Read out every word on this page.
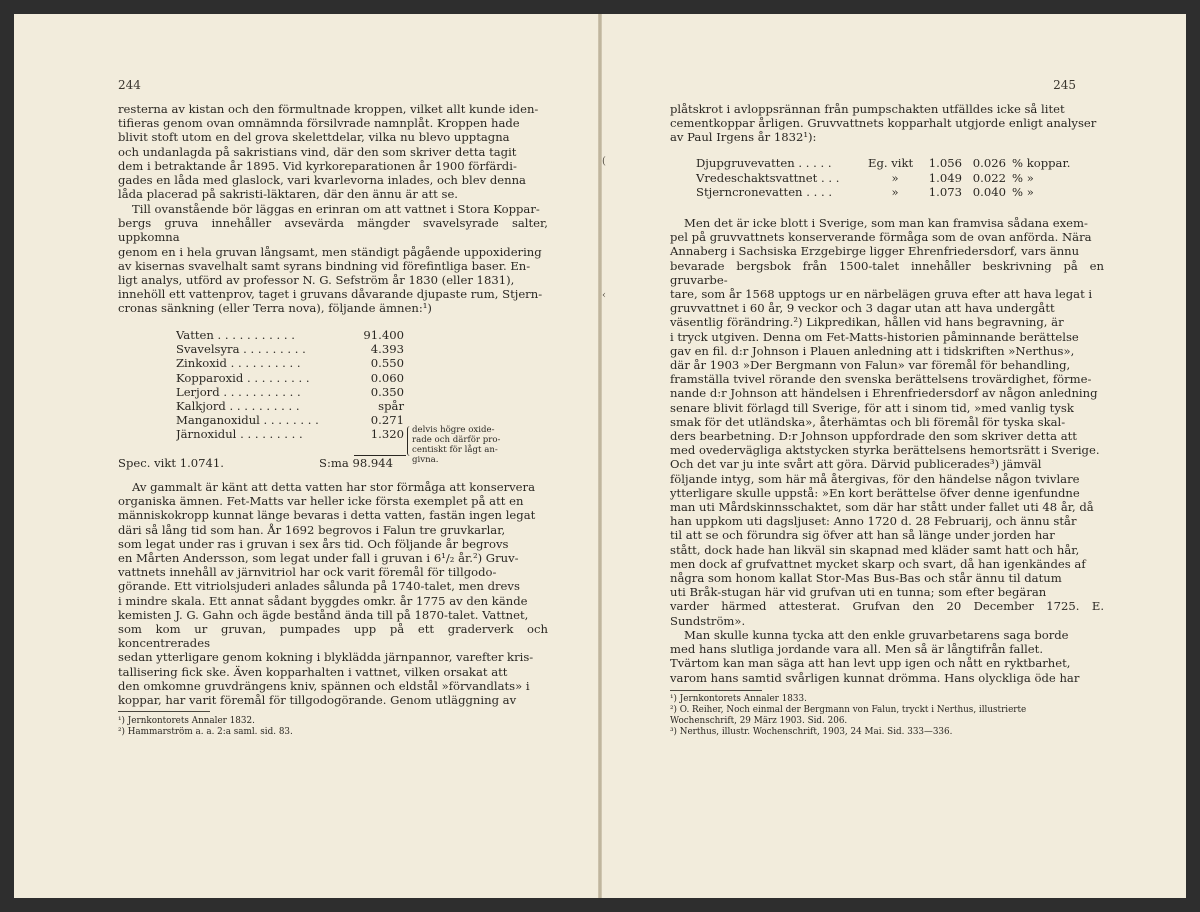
244

resterna av kistan och den förmultnade kroppen, vilket allt kunde iden-

tifieras genom ovan omnämnda försilvrade namnplåt. Kroppen hade

blivit stoft utom en del grova skelettdelar, vilka nu blevo upptagna

och undanlagda på sakristians vind, där den som skriver detta tagit

dem i betraktande år 1895. Vid kyrkoreparationen år 1900 förfärdi-

gades en låda med glaslock, vari kvarlevorna inlades, och blev denna

låda placerad på sakristi-läktaren, där den ännu är att se.

Till ovanstående bör läggas en erinran om att vattnet i Stora Koppar-

bergs gruva innehåller avsevärda mängder svavelsyrade salter, uppkomna

genom en i hela gruvan långsamt, men ständigt pågående uppoxidering

av kisernas svavelhalt samt syrans bindning vid förefintliga baser. En-

ligt analys, utförd av professor N. G. Sefström år 1830 (eller 1831),

innehöll ett vattenprov, taget i gruvans dåvarande djupaste rum, Stjern-

cronas sänkning (eller Terra nova), följande ämnen:¹)

Vatten . . . . . . . . . . .	91.400
Svavelsyra . . . . . . . . .	4.393
Zinkoxid . . . . . . . . . .	0.550
Kopparoxid . . . . . . . . .	0.060
Lerjord . . . . . . . . . . .	0.350
Kalkjord . . . . . . . . . .	spår
Manganoxidul . . . . . . . .	0.271
Järnoxidul . . . . . . . . .	1.320 delvis högre oxide-
rade och därför pro-
centiskt för lågt an-
givna.
Spec. vikt 1.0741.	S:ma 98.944

Av gammalt är känt att detta vatten har stor förmåga att konservera

organiska ämnen. Fet-Matts var heller icke första exemplet på att en

människokropp kunnat länge bevaras i detta vatten, fastän ingen legat

däri så lång tid som han. År 1692 begrovos i Falun tre gruvkarlar,

som legat under ras i gruvan i sex års tid. Och följande år begrovs

en Mårten Andersson, som legat under fall i gruvan i 6¹/₂ år.²) Gruv-

vattnets innehåll av järnvitriol har ock varit föremål för tillgodo-

görande. Ett vitriolsjuderi anlades sålunda på 1740-talet, men drevs

i mindre skala. Ett annat sådant byggdes omkr. år 1775 av den kände

kemisten J. G. Gahn och ägde bestånd ända till på 1870-talet. Vattnet,

som kom ur gruvan, pumpades upp på ett graderverk och koncentrerades

sedan ytterligare genom kokning i blyklädda järnpannor, varefter kris-

tallisering fick ske. Även kopparhalten i vattnet, vilken orsakat att

den omkomne gruvdrängens kniv, spännen och eldstål »förvandlats» i

koppar, har varit föremål för tillgodogörande. Genom utläggning av

¹) Jernkontorets Annaler 1832.
²) Hammarström a. a. 2:a saml. sid. 83.
245
(
‹

plåtskrot i avloppsrännan från pumpschakten utfälldes icke så litet

cementkoppar årligen. Gruvvattnets kopparhalt utgjorde enligt analyser

av Paul Irgens år 1832¹):

Djupgruvevatten . . . . .	Eg. vikt	1.056 0.026 % koppar.
Vredeschaktsvattnet . . .	»	1.049 0.022 % »
Stjerncronevatten . . . .	»	1.073 0.040 % »

Men det är icke blott i Sverige, som man kan framvisa sådana exem-

pel på gruvvattnets konserverande förmåga som de ovan anförda. Nära

Annaberg i Sachsiska Erzgebirge ligger Ehrenfriedersdorf, vars ännu

bevarade bergsbok från 1500-talet innehåller beskrivning på en gruvarbe-

tare, som år 1568 upptogs ur en närbelägen gruva efter att hava legat i

gruvvattnet i 60 år, 9 veckor och 3 dagar utan att hava undergått

väsentlig förändring.²) Likpredikan, hållen vid hans begravning, är

i tryck utgiven. Denna om Fet-Matts-historien påminnande berättelse

gav en fil. d:r Johnson i Plauen anledning att i tidskriften »Nerthus»,

där år 1903 »Der Bergmann von Falun» var föremål för behandling,

framställa tvivel rörande den svenska berättelsens trovärdighet, förme-

nande d:r Johnson att händelsen i Ehrenfriedersdorf av någon anledning

senare blivit förlagd till Sverige, för att i sinom tid, »med vanlig tysk

smak för det utländska», återhämtas och bli föremål för tyska skal-

ders bearbetning. D:r Johnson uppfordrade den som skriver detta att

med ovedervägliga aktstycken styrka berättelsens hemortsrätt i Sverige.

Och det var ju inte svårt att göra. Därvid publicerades³) jämväl

följande intyg, som här må återgivas, för den händelse någon tvivlare

ytterligare skulle uppstå: »En kort berättelse öfver denne igenfundne

man uti Mårdskinnsschaktet, som där har stått under fallet uti 48 år, då

han uppkom uti dagsljuset: Anno 1720 d. 28 Februarij, och ännu står

til att se och förundra sig öfver att han så länge under jorden har

stått, dock hade han likväl sin skapnad med kläder samt hatt och hår,

men dock af grufvattnet mycket skarp och svart, då han igenkändes af

några som honom kallat Stor-Mas Bus-Bas och står ännu til datum

uti Bråk-stugan här vid grufvan uti en tunna; som efter begäran

varder härmed attesterat. Grufvan den 20 December 1725. E. Sundström».

Man skulle kunna tycka att den enkle gruvarbetarens saga borde

med hans slutliga jordande vara all. Men så är långtifrån fallet.

Tvärtom kan man säga att han levt upp igen och nått en ryktbarhet,

varom hans samtid svårligen kunnat drömma. Hans olyckliga öde har

¹) Jernkontorets Annaler 1833.
²) O. Reiher, Noch einmal der Bergmann von Falun, tryckt i Nerthus, illustrierte
Wochenschrift, 29 März 1903. Sid. 206.
³) Nerthus, illustr. Wochenschrift, 1903, 24 Mai. Sid. 333—336.
